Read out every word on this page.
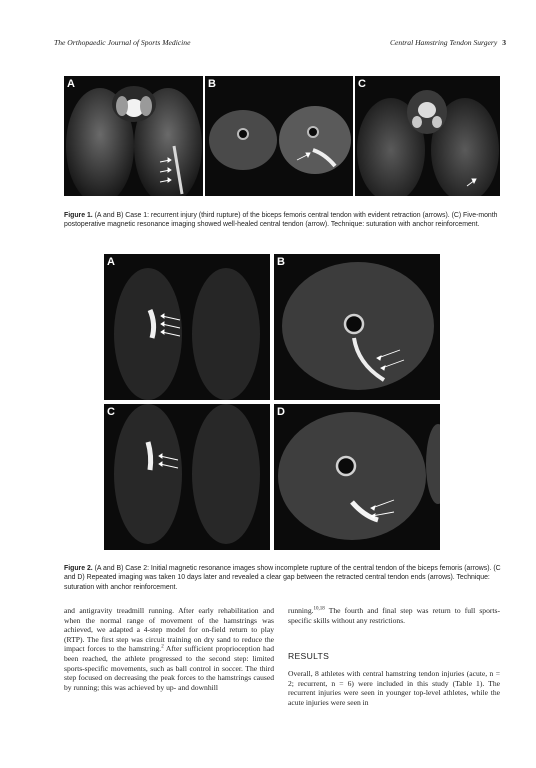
The Orthopaedic Journal of Sports Medicine	Central Hamstring Tendon Surgery 3
A	B	C
Figure 1. (A and B) Case 1: recurrent injury (third rupture) of the biceps femoris central tendon with evident retraction (arrows). (C) Five-month postoperative magnetic resonance imaging showed well-healed central tendon (arrow). Technique: suturation with anchor reinforcement.
A	B
C	D
Figure 2. (A and B) Case 2: Initial magnetic resonance images show incomplete rupture of the central tendon of the biceps femoris (arrows). (C and D) Repeated imaging was taken 10 days later and revealed a clear gap between the retracted central tendon ends (arrows). Technique: suturation with anchor reinforcement.
and antigravity treadmill running. After early rehabilitation and when the normal range of movement of the hamstrings was achieved, we adapted a 4-step model for on-field return to play (RTP). The first step was circuit training on dry sand to reduce the impact forces to the hamstring.$^2$ After sufficient proprioception had been reached, the athlete progressed to the second step: limited sports-specific movements, such as ball control in soccer. The third step focused on decreasing the peak forces to the hamstrings caused by running; this was achieved by up- and downhill
running.$^{10,18}$ The fourth and final step was return to full sports-specific skills without any restrictions.
RESULTS
Overall, 8 athletes with central hamstring tendon injuries (acute, n = 2; recurrent, n = 6) were included in this study (Table 1). The recurrent injuries were seen in younger top-level athletes, while the acute injuries were seen in
